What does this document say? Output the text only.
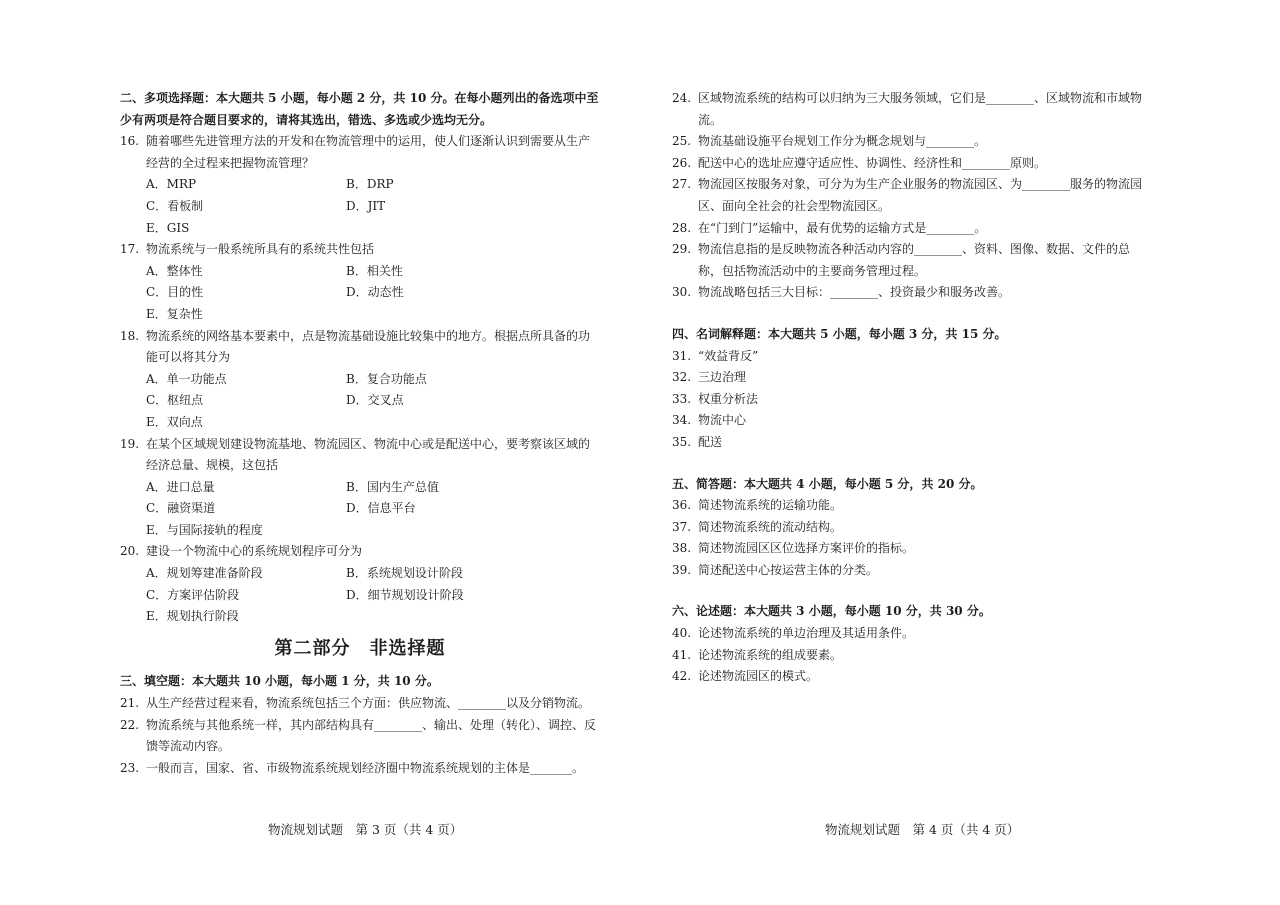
二、多项选择题：本大题共 5 小题，每小题 2 分，共 10 分。在每小题列出的备选项中至少有两项是符合题目要求的，请将其选出，错选、多选或少选均无分。
16. 随着哪些先进管理方法的开发和在物流管理中的运用，使人们逐渐认识到需要从生产经营的全过程来把握物流管理？
A．MRP	B．DRP
C．看板制	D．JIT
E．GIS
17. 物流系统与一般系统所具有的系统共性包括
A．整体性	B．相关性
C．目的性	D．动态性
E．复杂性
18. 物流系统的网络基本要素中，点是物流基础设施比较集中的地方。根据点所具备的功能可以将其分为
A．单一功能点	B．复合功能点
C．枢纽点	D．交叉点
E．双向点
19. 在某个区域规划建设物流基地、物流园区、物流中心或是配送中心，要考察该区域的经济总量、规模，这包括
A．进口总量	B．国内生产总值
C．融资渠道	D．信息平台
E．与国际接轨的程度
20. 建设一个物流中心的系统规划程序可分为
A．规划筹建准备阶段	B．系统规划设计阶段
C．方案评估阶段	D．细节规划设计阶段
E．规划执行阶段
第二部分　非选择题
三、填空题：本大题共 10 小题，每小题 1 分，共 10 分。
21. 从生产经营过程来看，物流系统包括三个方面：供应物流、________以及分销物流。
22. 物流系统与其他系统一样，其内部结构具有________、输出、处理（转化）、调控、反馈等流动内容。
23. 一般而言，国家、省、市级物流系统规划经济圈中物流系统规划的主体是_______。
物流规划试题　第 3 页（共 4 页）
24. 区域物流系统的结构可以归纳为三大服务领域，它们是________、区域物流和市域物流。
25. 物流基础设施平台规划工作分为概念规划与________。
26. 配送中心的选址应遵守适应性、协调性、经济性和________原则。
27. 物流园区按服务对象，可分为为生产企业服务的物流园区、为________服务的物流园区、面向全社会的社会型物流园区。
28. 在“门到门”运输中，最有优势的运输方式是________。
29. 物流信息指的是反映物流各种活动内容的________、资料、图像、数据、文件的总称，包括物流活动中的主要商务管理过程。
30. 物流战略包括三大目标：________、投资最少和服务改善。
四、名词解释题：本大题共 5 小题，每小题 3 分，共 15 分。
31. “效益背反”
32. 三边治理
33. 权重分析法
34. 物流中心
35. 配送
五、简答题：本大题共 4 小题，每小题 5 分，共 20 分。
36. 简述物流系统的运输功能。
37. 简述物流系统的流动结构。
38. 简述物流园区区位选择方案评价的指标。
39. 简述配送中心按运营主体的分类。
六、论述题：本大题共 3 小题，每小题 10 分，共 30 分。
40. 论述物流系统的单边治理及其适用条件。
41. 论述物流系统的组成要素。
42. 论述物流园区的模式。
物流规划试题　第 4 页（共 4 页）
